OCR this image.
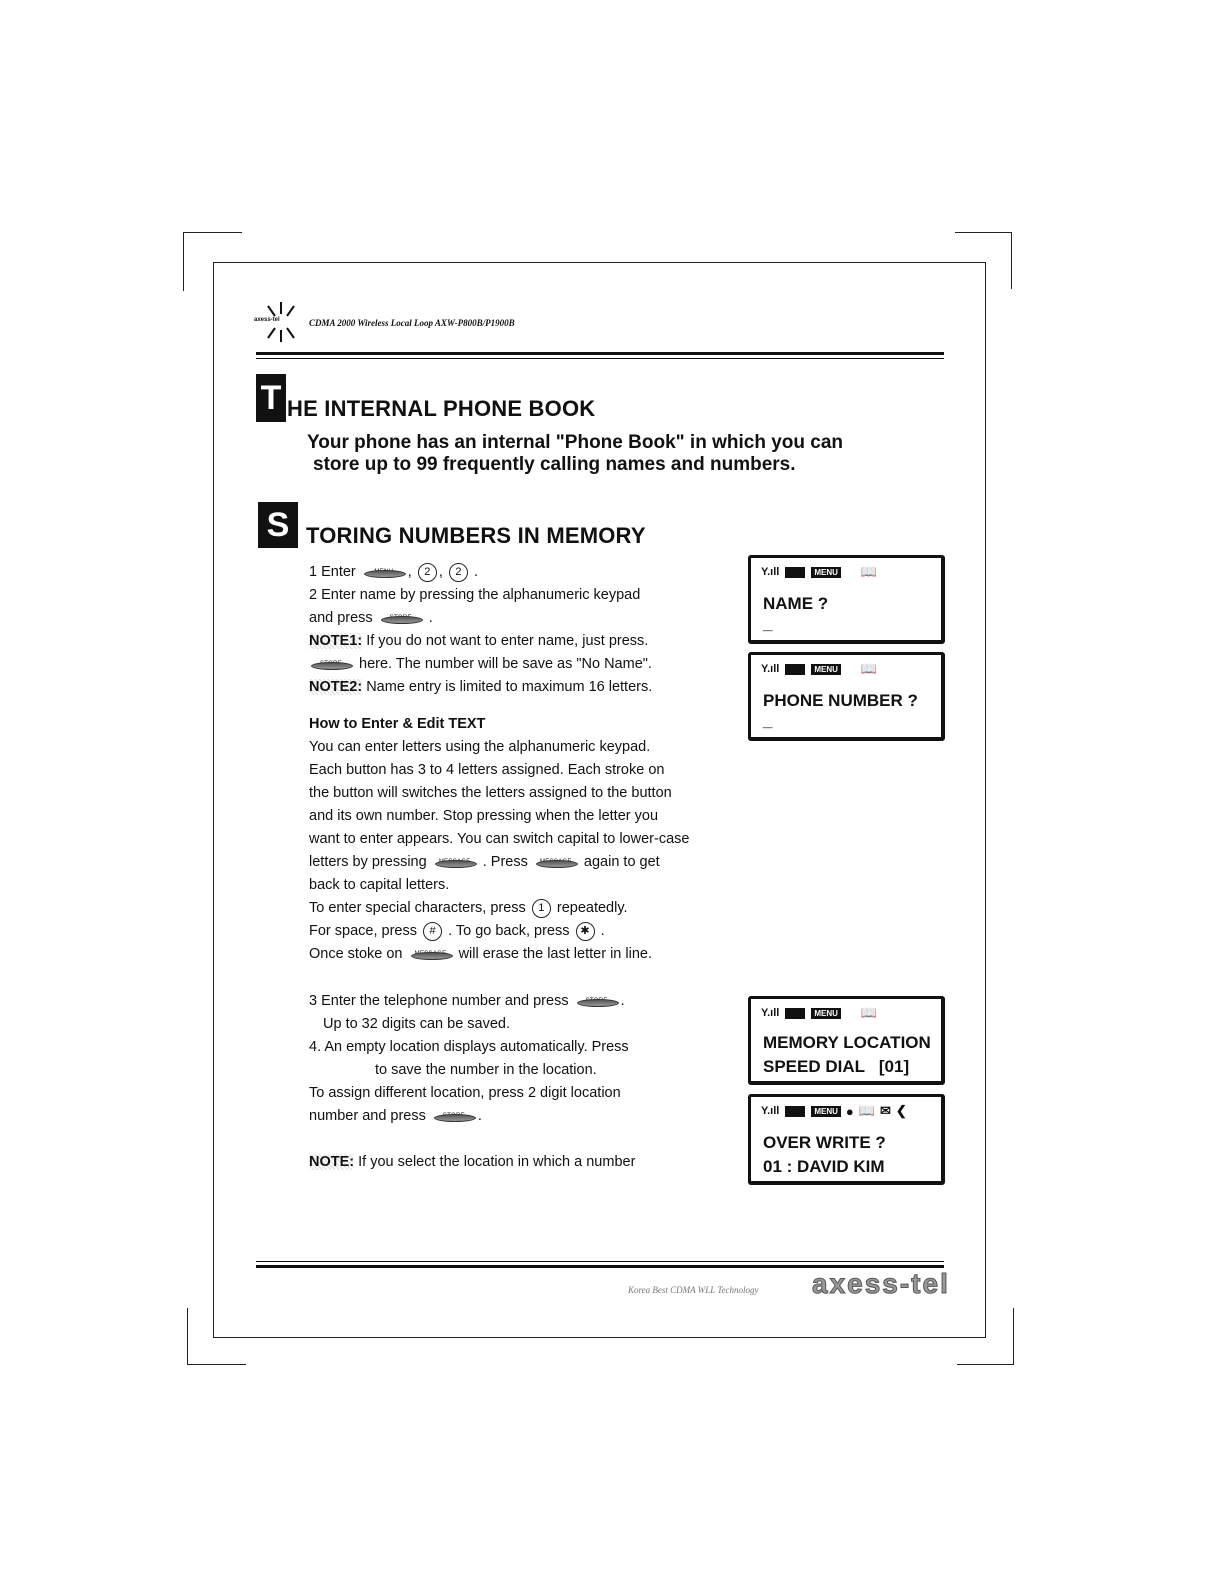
axess-tel	CDMA 2000 Wireless Local Loop AXW-P800B/P1900B
T HE INTERNAL PHONE BOOK
Your phone has an internal "Phone Book" in which you can
store up to 99 frequently calling names and numbers.
S TORING NUMBERS IN MEMORY

1 Enter	, 2 , 2 .

2 Enter name by pressing the alphanumeric keypad

and press	.

NOTE1: If you do not want to enter name, just press.

here. The number will be save as "No Name".

NOTE2: Name entry is limited to maximum 16 letters.

How to Enter & Edit TEXT

You can enter letters using the alphanumeric keypad.

Each button has 3 to 4 letters assigned. Each stroke on

the button will switches the letters assigned to the button

and its own number. Stop pressing when the letter you

want to enter appears. You can switch capital to lower-case

letters by pressing	. Press	again to get

back to capital letters.

To enter special characters, press 1 repeatedly.

For space, press # . To go back, press ✱ .

Once stoke on	will erase the last letter in line.

3 Enter the telephone number and press	.

Up to 32 digits can be saved.

4. An empty location displays automatically. Press

to save the number in the location.

To assign different location, press 2 digit location

number and press	.

NOTE: If you select the location in which a number

Y.ıll	MENU 📖
NAME ?
_
Y.ıll	MENU 📖
PHONE NUMBER ?
_
Y.ıll	MENU 📖
MEMORY LOCATION
SPEED DIAL   [01]
Y.ıll	MENU ● 📖 ✉ ❮
OVER WRITE ?
01 : DAVID KIM
Korea Best CDMA WLL Technology axess-tel
